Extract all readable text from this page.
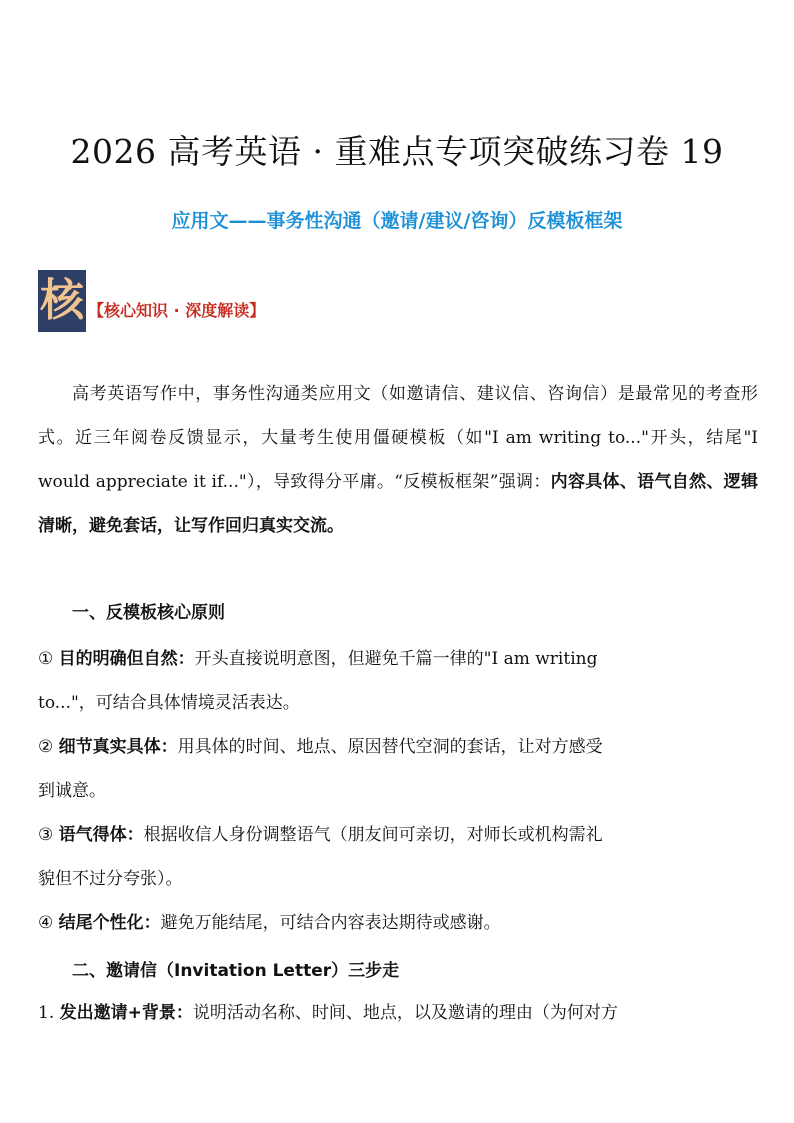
2026 高考英语 · 重难点专项突破练习卷 19
应用文——事务性沟通（邀请/建议/咨询）反模板框架
核 【核心知识 · 深度解读】
高考英语写作中，事务性沟通类应用文（如邀请信、建议信、咨询信）是最常见的考查形式。近三年阅卷反馈显示，大量考生使用僵硬模板（如"I am writing to..."开头，结尾"I would appreciate it if..."），导致得分平庸。“反模板框架”强调：内容具体、语气自然、逻辑清晰，避免套话，让写作回归真实交流。
一、反模板核心原则
① 目的明确但自然：开头直接说明意图，但避免千篇一律的"I am writing
to..."，可结合具体情境灵活表达。
② 细节真实具体：用具体的时间、地点、原因替代空洞的套话，让对方感受
到诚意。
③ 语气得体：根据收信人身份调整语气（朋友间可亲切，对师长或机构需礼
貌但不过分夸张）。
④ 结尾个性化：避免万能结尾，可结合内容表达期待或感谢。
二、邀请信（Invitation Letter）三步走
1. 发出邀请+背景：说明活动名称、时间、地点，以及邀请的理由（为何对方
